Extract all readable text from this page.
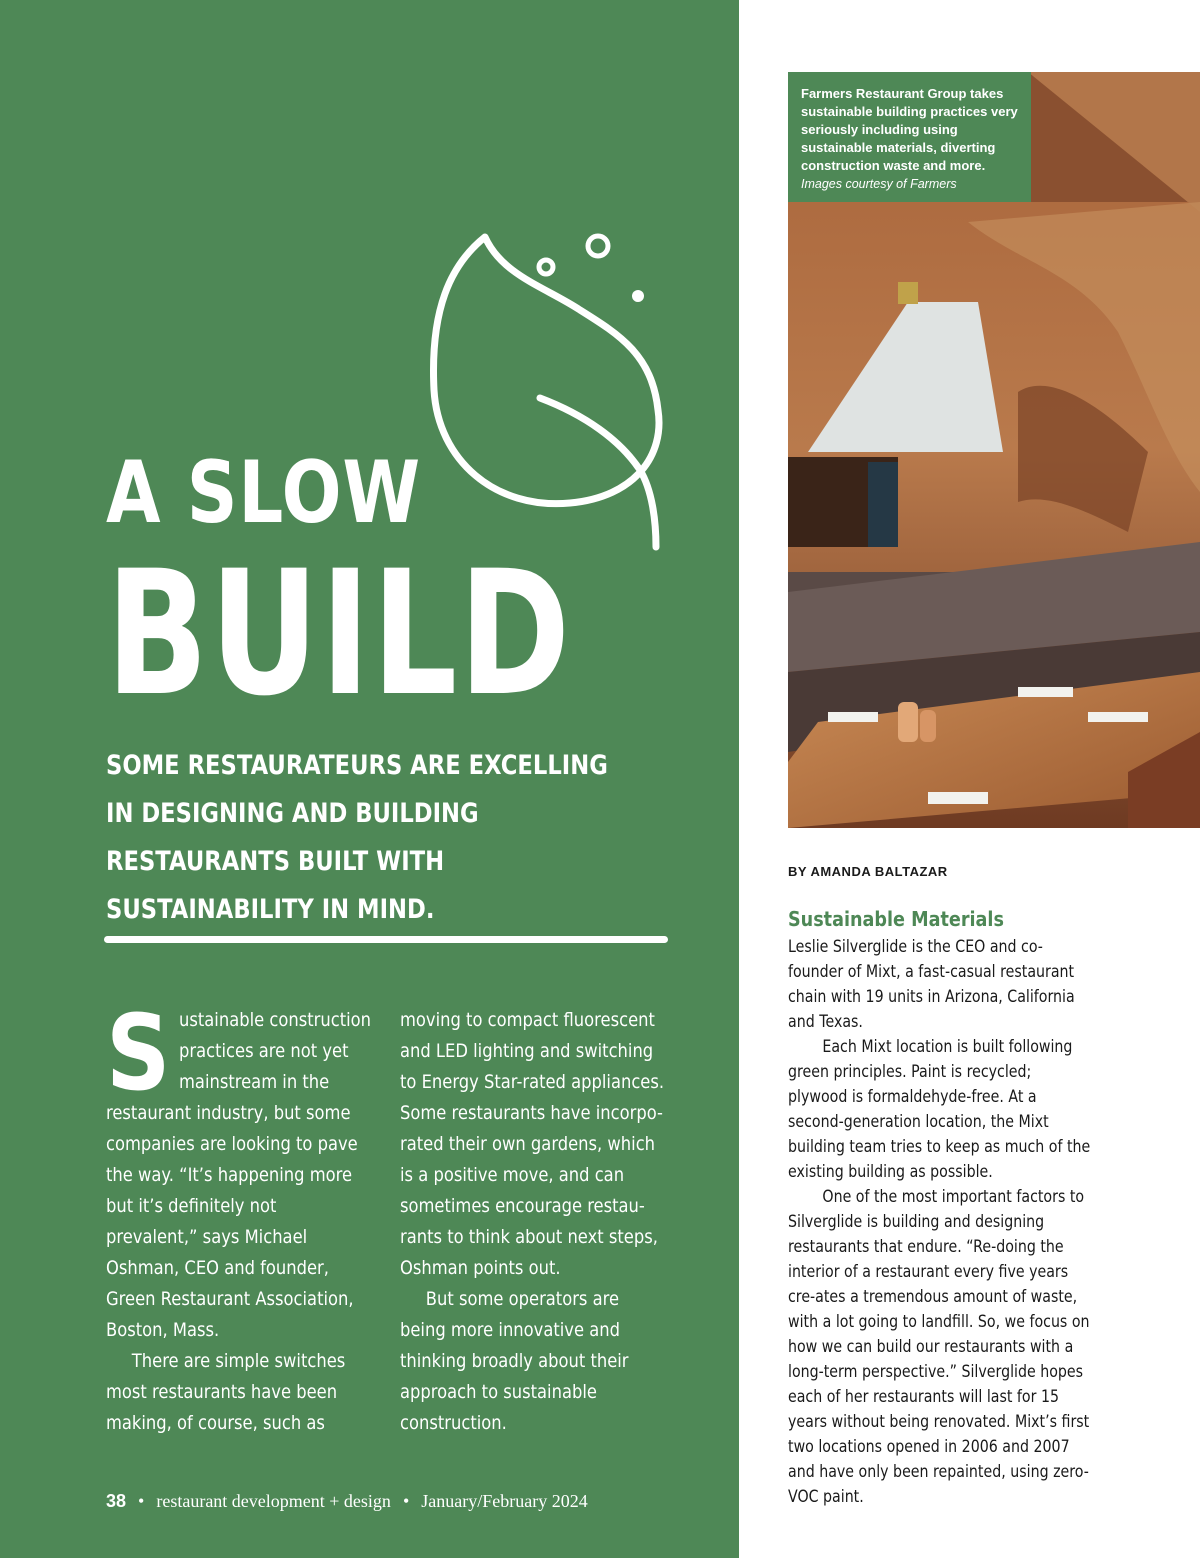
A SLOW
BUILD

SOME RESTAURATEURS ARE EXCELLING IN DESIGNING AND BUILDING RESTAURANTS BUILT WITH SUSTAINABILITY IN MIND.

Sustainable construction practices are not yet mainstream in the restaurant industry, but some companies are looking to pave the way. “It’s happening more but it’s definitely not prevalent,” says Michael Oshman, CEO and founder, Green Restaurant Association, Boston, Mass.

There are simple switches most restaurants have been making, of course, such as

moving to compact fluorescent and LED lighting and switching to Energy Star-rated appliances. Some restaurants have incorpo-rated their own gardens, which is a positive move, and can sometimes encourage restau-rants to think about next steps, Oshman points out.

But some operators are being more innovative and thinking broadly about their approach to sustainable construction.

38 • restaurant development + design • January/February 2024

Farmers Restaurant Group takes sustainable building practices very seriously including using sustainable materials, diverting construction waste and more.

Images courtesy of Farmers

BY AMANDA BALTAZAR
Sustainable Materials

Leslie Silverglide is the CEO and co-founder of Mixt, a fast-casual restaurant chain with 19 units in Arizona, California and Texas.

Each Mixt location is built following green principles. Paint is recycled; plywood is formaldehyde-free. At a second-generation location, the Mixt building team tries to keep as much of the existing building as possible.

One of the most important factors to Silverglide is building and designing restaurants that endure. “Re-doing the interior of a restaurant every five years cre-ates a tremendous amount of waste, with a lot going to landfill. So, we focus on how we can build our restaurants with a long-term perspective.” Silverglide hopes each of her restaurants will last for 15 years without being renovated. Mixt’s first two locations opened in 2006 and 2007 and have only been repainted, using zero-VOC paint.
